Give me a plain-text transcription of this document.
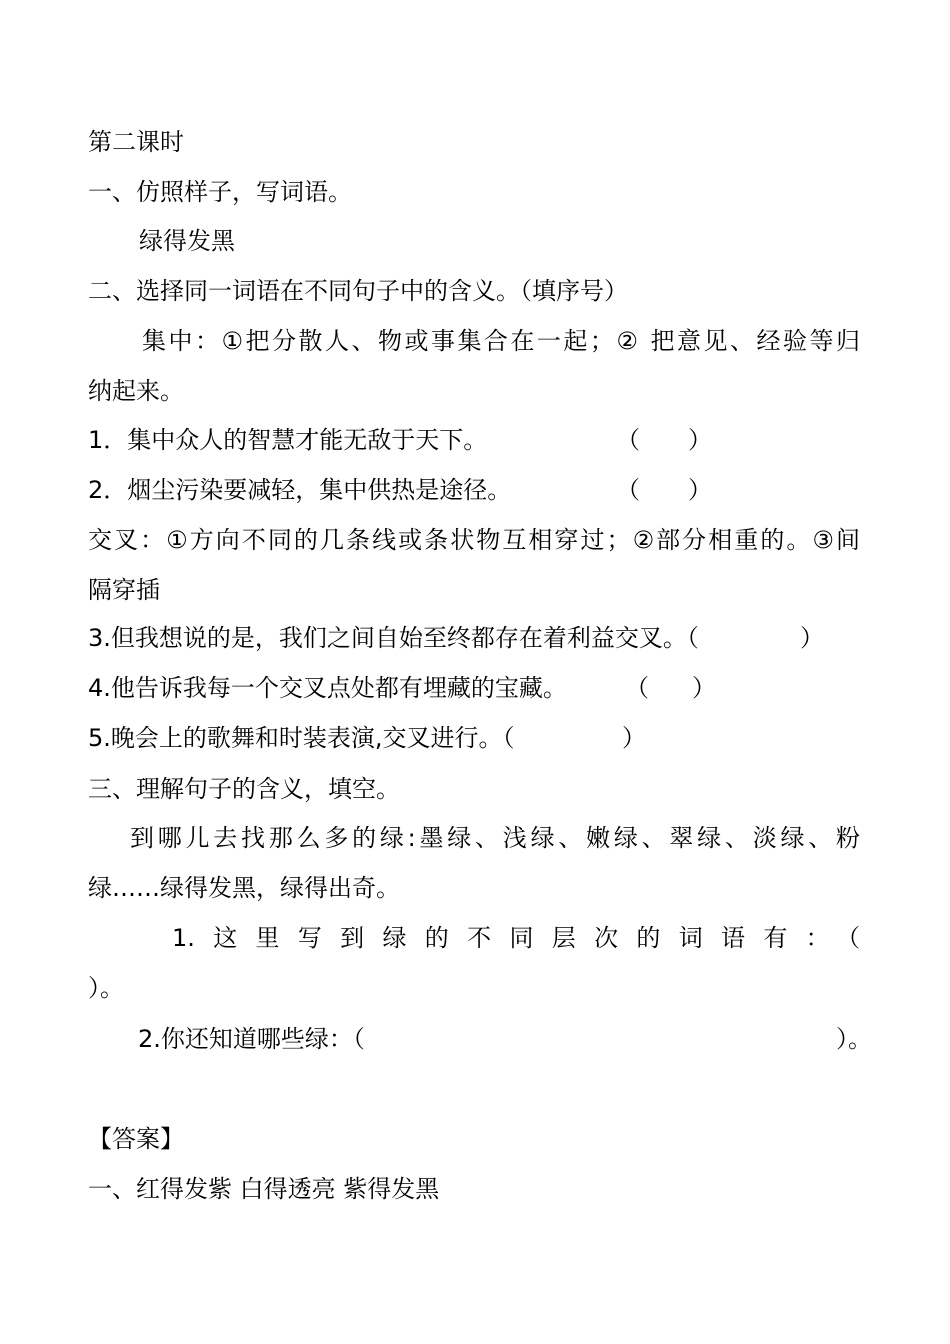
第二课时
一、仿照样子，写词语。
绿得发黑
二、选择同一词语在不同句子中的含义。（填序号）
集中：①把分散人、物或事集合在一起；② 把意见、经验等归
纳起来。
1．集中众人的智慧才能无敌于天下。	（ ）
2．烟尘污染要减轻，集中供热是途径。	（ ）
交叉：①方向不同的几条线或条状物互相穿过；②部分相重的。③间
隔穿插
3.但我想说的是，我们之间自始至终都存在着利益交叉。（	）
4.他告诉我每一个交叉点处都有埋藏的宝藏。 （ ）
5.晚会上的歌舞和时装表演,交叉进行。（	）
三、理解句子的含义，填空。
到哪儿去找那么多的绿:墨绿、浅绿、嫩绿、翠绿、淡绿、粉
绿……绿得发黑，绿得出奇。
1.这里写到绿的不同层次的词语有：（
）。
2.你还知道哪些绿：（	）。
【答案】
一、红得发紫 白得透亮 紫得发黑
